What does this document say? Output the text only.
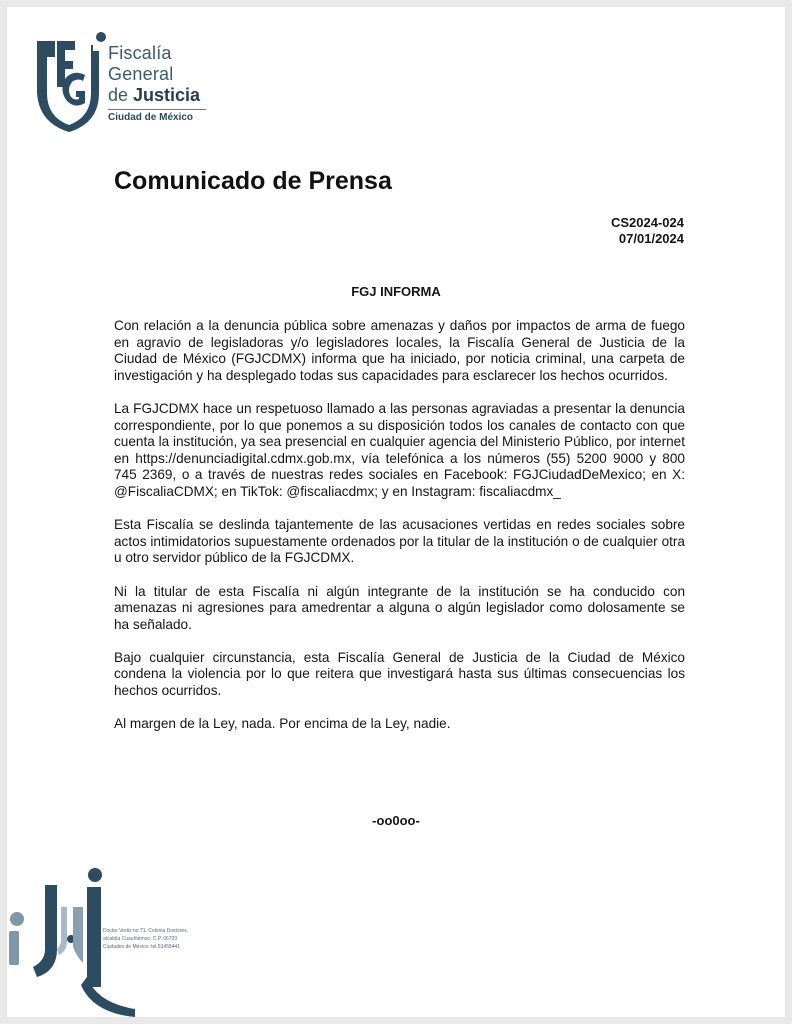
Fiscalía
General
de Justicia
Ciudad de México
Comunicado de Prensa
CS2024-024
07/01/2024
FGJ INFORMA

Con relación a la denuncia pública sobre amenazas y daños por impactos de arma de fuego en agravio de legisladoras y/o legisladores locales, la Fiscalía General de Justicia de la Ciudad de México (FGJCDMX) informa que ha iniciado, por noticia criminal, una carpeta de investigación y ha desplegado todas sus capacidades para esclarecer los hechos ocurridos.

La FGJCDMX hace un respetuoso llamado a las personas agraviadas a presentar la denuncia correspondiente, por lo que ponemos a su disposición todos los canales de contacto con que cuenta la institución, ya sea presencial en cualquier agencia del Ministerio Público, por internet en https://denunciadigital.cdmx.gob.mx, vía telefónica a los números (55) 5200 9000 y 800 745 2369, o a través de nuestras redes sociales en Facebook: FGJCiudadDeMexico; en X: @FiscaliaCDMX; en TikTok: @fiscaliacdmx; y en Instagram: fiscaliacdmx_

Esta Fiscalía se deslinda tajantemente de las acusaciones vertidas en redes sociales sobre actos intimidatorios supuestamente ordenados por la titular de la institución o de cualquier otra u otro servidor público de la FGJCDMX.

Ni la titular de esta Fiscalía ni algún integrante de la institución se ha conducido con amenazas ni agresiones para amedrentar a alguna o algún legislador como dolosamente se ha señalado.

Bajo cualquier circunstancia, esta Fiscalía General de Justicia de la Ciudad de México condena la violencia por lo que reitera que investigará hasta sus últimas consecuencias los hechos ocurridos.

Al margen de la Ley, nada. Por encima de la Ley, nadie.

-oo0oo-
Doctor Vertiz no.71. Colonia Doctores,
alcaldía Cuauhtémoc. C.P. 06720
Ciudades de México. tel.53455441
